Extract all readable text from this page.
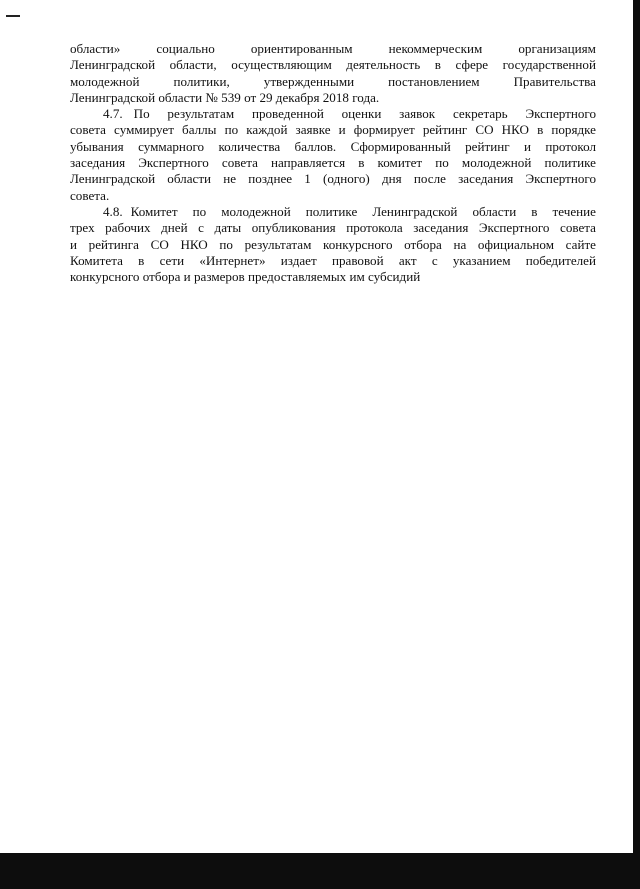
области»	социально	ориентированным	некоммерческим	организациям
Ленинградской области, осуществляющим деятельность в сфере государственной
молодежной	политики,	утвержденными	постановлением	Правительства
Ленинградской области № 539 от 29 декабря 2018 года.
4.7. По результатам проведенной оценки заявок секретарь Экспертного
совета суммирует баллы по каждой заявке и формирует рейтинг СО НКО в порядке
убывания суммарного количества баллов. Сформированный рейтинг и протокол
заседания Экспертного совета направляется в комитет по молодежной политике
Ленинградской области не позднее 1 (одного) дня после заседания Экспертного
совета.
4.8. Комитет по молодежной политике Ленинградской области в течение
трех рабочих дней с даты опубликования протокола заседания Экспертного совета
и рейтинга СО НКО по результатам конкурсного отбора на официальном сайте
Комитета в сети «Интернет» издает правовой акт с указанием победителей
конкурсного отбора и размеров предоставляемых им субсидий
